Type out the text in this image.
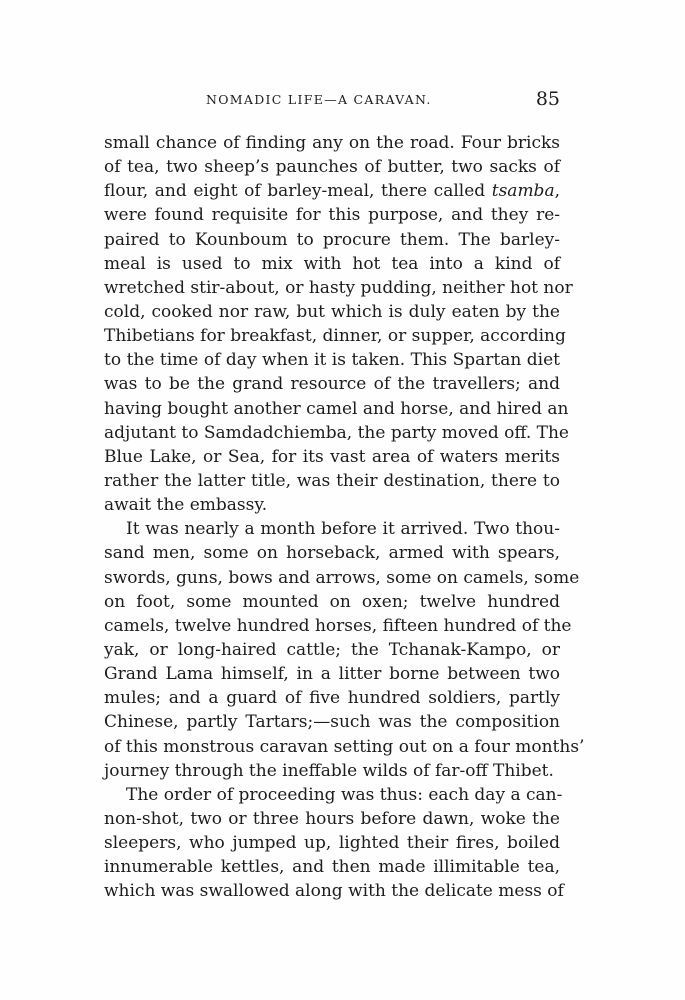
NOMADIC LIFE—A CARAVAN.	85
small chance of finding any on the road. Four bricks
of tea, two sheep’s paunches of butter, two sacks of
flour, and eight of barley-meal, there called tsamba,
were found requisite for this purpose, and they re-
paired to Kounboum to procure them. The barley-
meal is used to mix with hot tea into a kind of
wretched stir-about, or hasty pudding, neither hot nor
cold, cooked nor raw, but which is duly eaten by the
Thibetians for breakfast, dinner, or supper, according
to the time of day when it is taken. This Spartan diet
was to be the grand resource of the travellers; and
having bought another camel and horse, and hired an
adjutant to Samdadchiemba, the party moved off. The
Blue Lake, or Sea, for its vast area of waters merits
rather the latter title, was their destination, there to
await the embassy.
It was nearly a month before it arrived. Two thou-
sand men, some on horseback, armed with spears,
swords, guns, bows and arrows, some on camels, some
on foot, some mounted on oxen; twelve hundred
camels, twelve hundred horses, fifteen hundred of the
yak, or long-haired cattle; the Tchanak-Kampo, or
Grand Lama himself, in a litter borne between two
mules; and a guard of five hundred soldiers, partly
Chinese, partly Tartars;—such was the composition
of this monstrous caravan setting out on a four months’
journey through the ineffable wilds of far-off Thibet.
The order of proceeding was thus: each day a can-
non-shot, two or three hours before dawn, woke the
sleepers, who jumped up, lighted their fires, boiled
innumerable kettles, and then made illimitable tea,
which was swallowed along with the delicate mess of
